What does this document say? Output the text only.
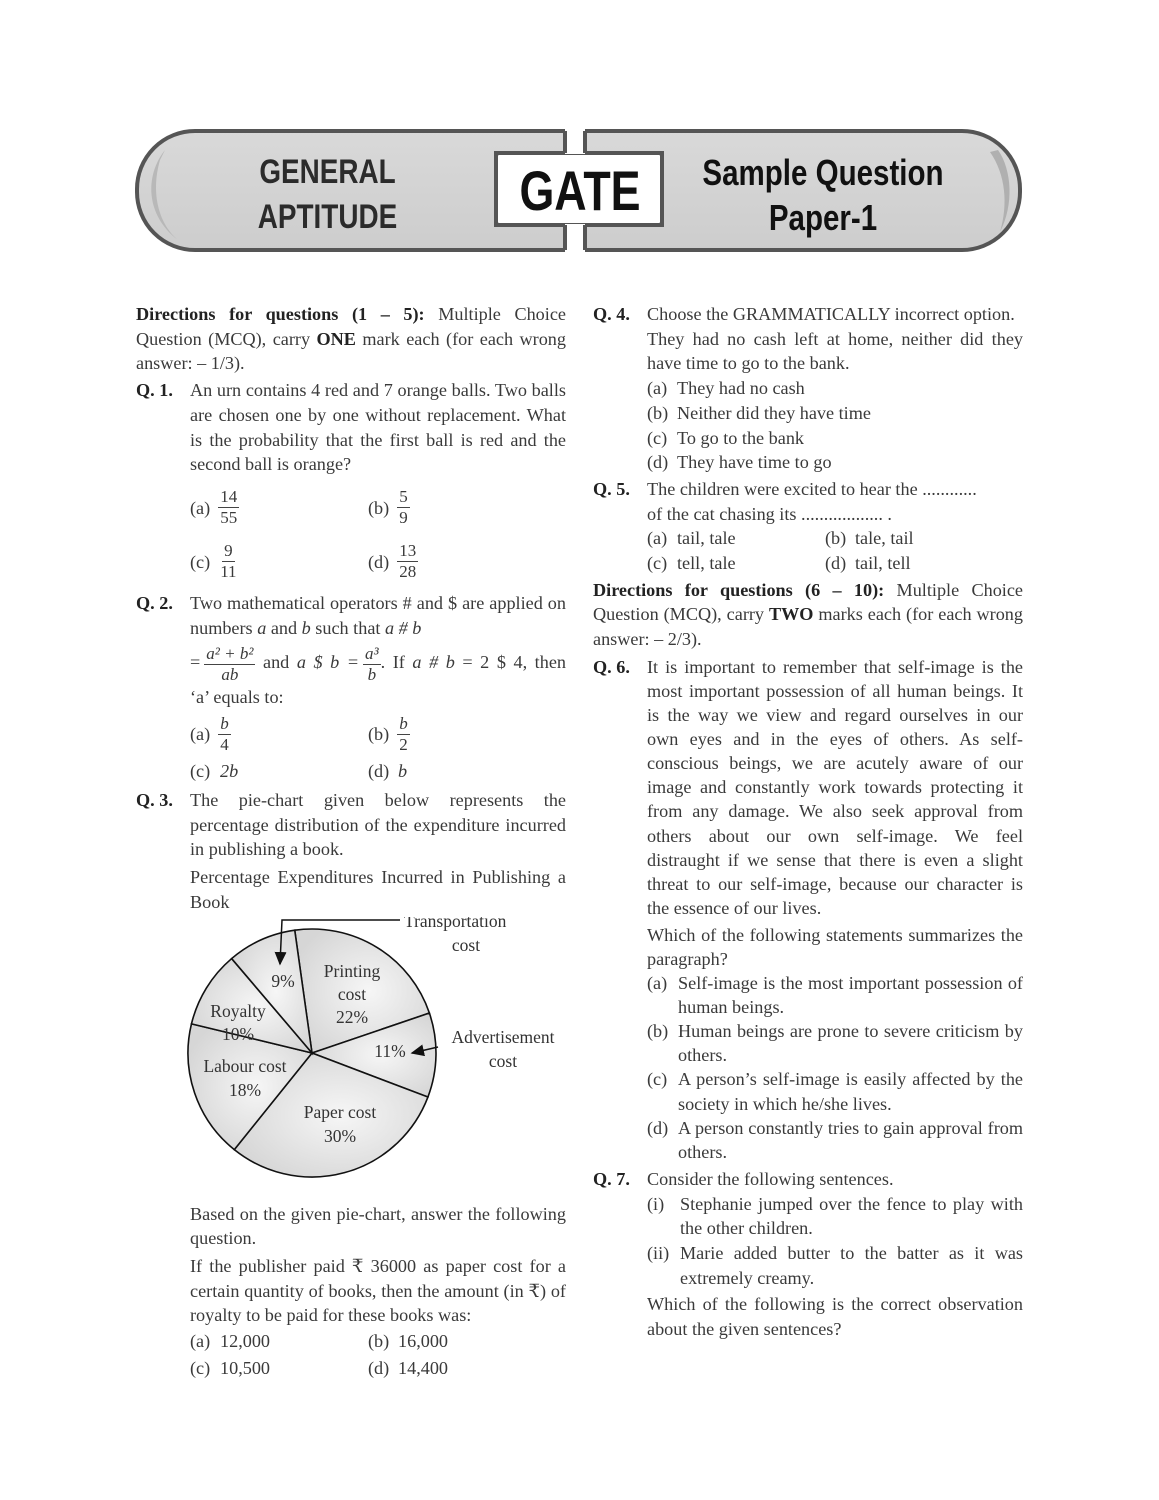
GENERAL
APTITUDE	GATE Sample Question
Paper-1

Directions for questions (1 – 5): Multiple Choice Question (MCQ), carry ONE mark each (for each wrong answer: – 1/3).

Q. 1. An urn contains 4 red and 7 orange balls. Two balls are chosen one by one without replacement. What is the probability that the first ball is red and the second ball is orange?

$(a) \frac{14}{55}$	$(b) \frac{5}{9}$
$(c) \frac{9}{11}$	$(d) \frac{13}{28}$
Q. 2. Two mathematical operators # and $ are applied on numbers a and b such that a # b

= $\frac{\text{a² + b²}}{ab}$ and a $ $b = \frac{\text{a³}}{b}$ . If a # b = 2 $ 4, then

‘a’ equals to:

$(a) \frac{b}{4}$	$(b) \frac{b}{2}$
(c) 2b	(d) b
Q. 3. The pie-chart given below represents the percentage distribution of the expenditure incurred in publishing a book.

Percentage Expenditures Incurred in Publishing a Book

Printing
cost
22%
Paper cost
30%
Labour cost
18%
Royalty
10%
9%
Transportation
cost
11%
Advertisement
cost

Based on the given pie-chart, answer the following question.

If the publisher paid ₹ 36000 as paper cost for a certain quantity of books, then the amount (in ₹) of royalty to be paid for these books was:

(a) 12,000	(b) 16,000
(c) 10,500	(d) 14,400
Q. 4. Choose the GRAMMATICALLY incorrect option.

They had no cash left at home, neither did they have time to go to the bank.

(a) They had no cash
(b) Neither did they have time
(c) To go to the bank
(d) They have time to go
Q. 5. The children were excited to hear the ............

of the cat chasing its .................. .

(a) tail, tale	(b) tale, tail
(c) tell, tale	(d) tail, tell

Directions for questions (6 – 10): Multiple Choice Question (MCQ), carry TWO marks each (for each wrong answer: – 2/3).

Q. 6. It is important to remember that self-image is the most important possession of all human beings. It is the way we view and regard ourselves in our own eyes and in the eyes of others. As self-conscious beings, we are acutely aware of our image and constantly work towards protecting it from any damage. We also seek approval from others about our own self-image. We feel distraught if we sense that there is even a slight threat to our self-image, because our character is the essence of our lives.

Which of the following statements summarizes the paragraph?

(a) Self-image is the most important possession of human beings.
(b) Human beings are prone to severe criticism by others.
(c) A person’s self-image is easily affected by the society in which he/she lives.
(d) A person constantly tries to gain approval from others.
Q. 7. Consider the following sentences.

(i) Stephanie jumped over the fence to play with the other children.
(ii) Marie added butter to the batter as it was extremely creamy.

Which of the following is the correct observation about the given sentences?
